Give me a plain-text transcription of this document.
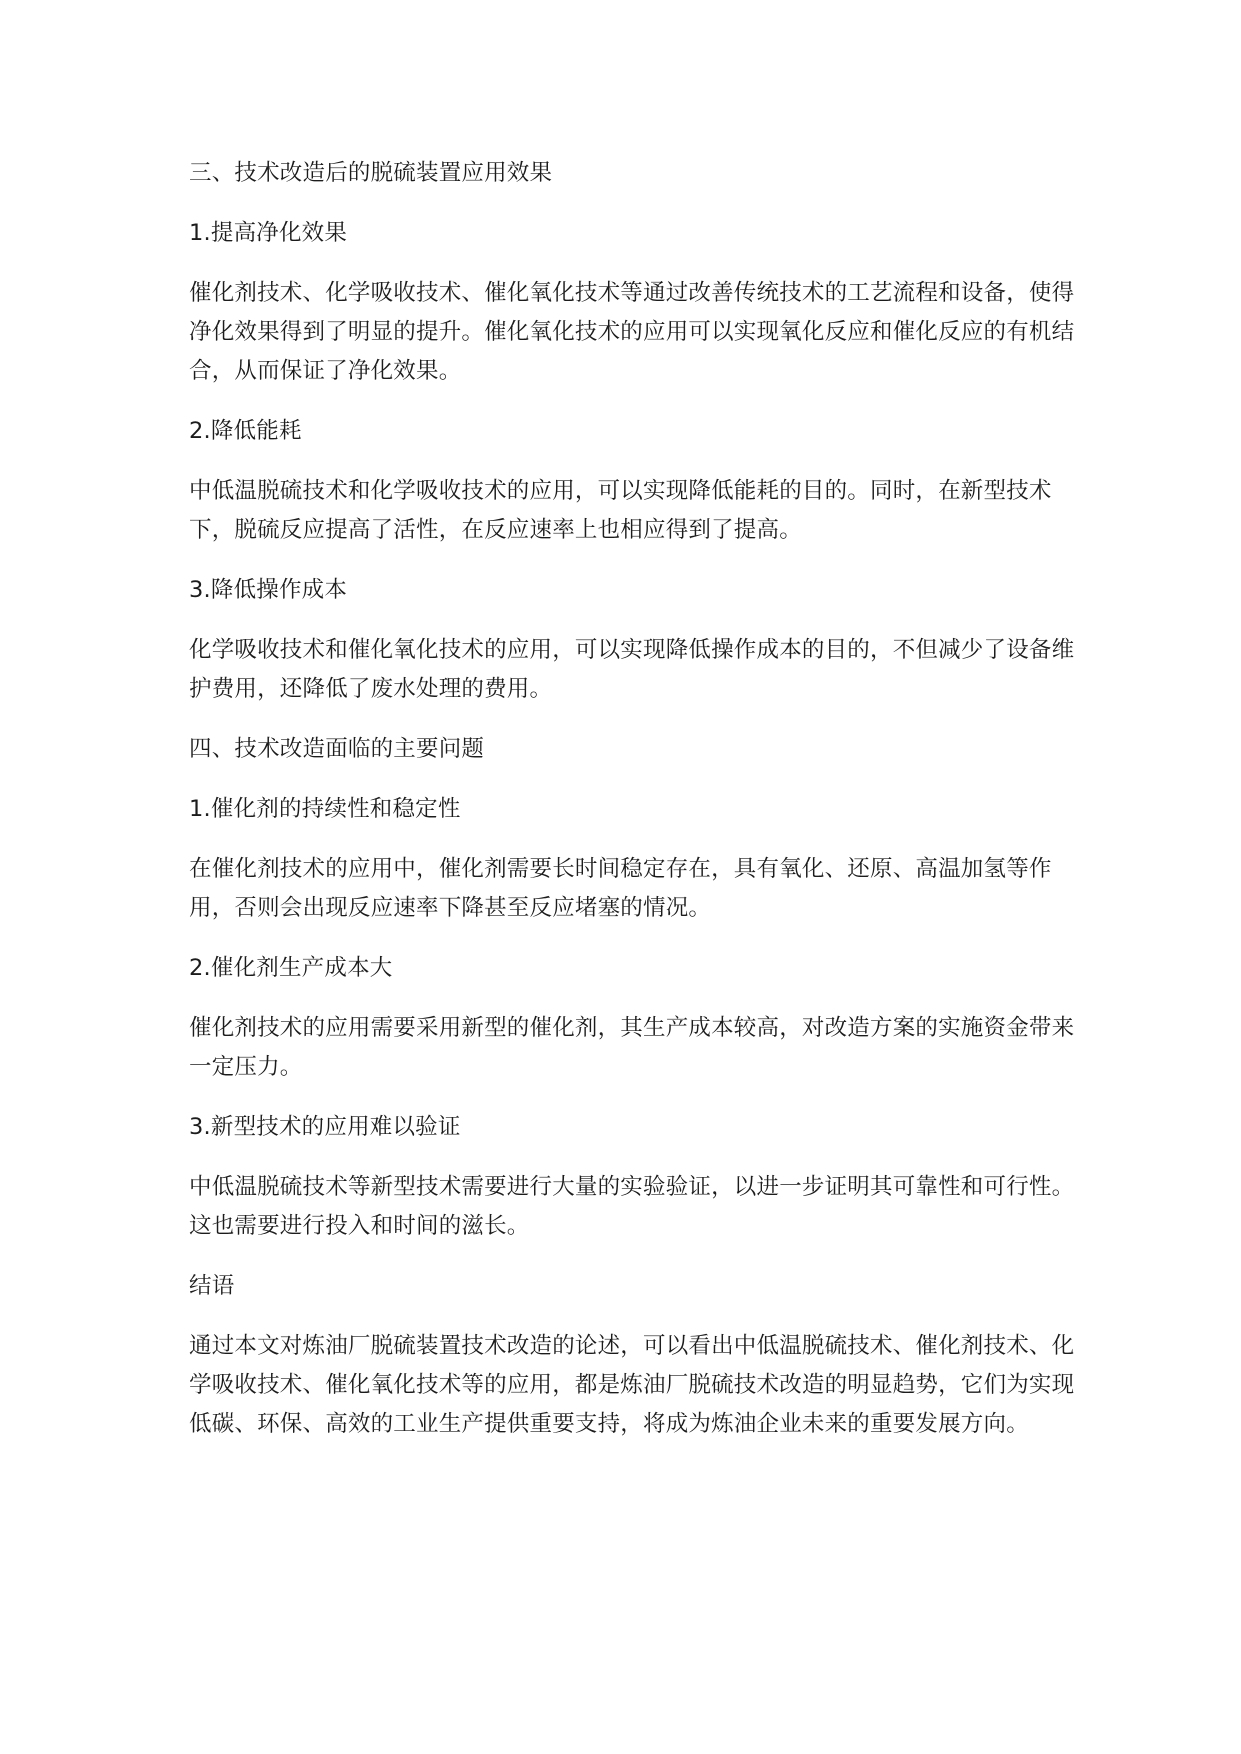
三、技术改造后的脱硫装置应用效果

1.提高净化效果

催化剂技术、化学吸收技术、催化氧化技术等通过改善传统技术的工艺流程和设备，使得净化效果得到了明显的提升。催化氧化技术的应用可以实现氧化反应和催化反应的有机结合，从而保证了净化效果。

2.降低能耗

中低温脱硫技术和化学吸收技术的应用，可以实现降低能耗的目的。同时，在新型技术下，脱硫反应提高了活性，在反应速率上也相应得到了提高。

3.降低操作成本

化学吸收技术和催化氧化技术的应用，可以实现降低操作成本的目的，不但减少了设备维护费用，还降低了废水处理的费用。

四、技术改造面临的主要问题

1.催化剂的持续性和稳定性

在催化剂技术的应用中，催化剂需要长时间稳定存在，具有氧化、还原、高温加氢等作用，否则会出现反应速率下降甚至反应堵塞的情况。

2.催化剂生产成本大

催化剂技术的应用需要采用新型的催化剂，其生产成本较高，对改造方案的实施资金带来一定压力。

3.新型技术的应用难以验证

中低温脱硫技术等新型技术需要进行大量的实验验证，以进一步证明其可靠性和可行性。这也需要进行投入和时间的滋长。

结语

通过本文对炼油厂脱硫装置技术改造的论述，可以看出中低温脱硫技术、催化剂技术、化学吸收技术、催化氧化技术等的应用，都是炼油厂脱硫技术改造的明显趋势，它们为实现低碳、环保、高效的工业生产提供重要支持，将成为炼油企业未来的重要发展方向。
